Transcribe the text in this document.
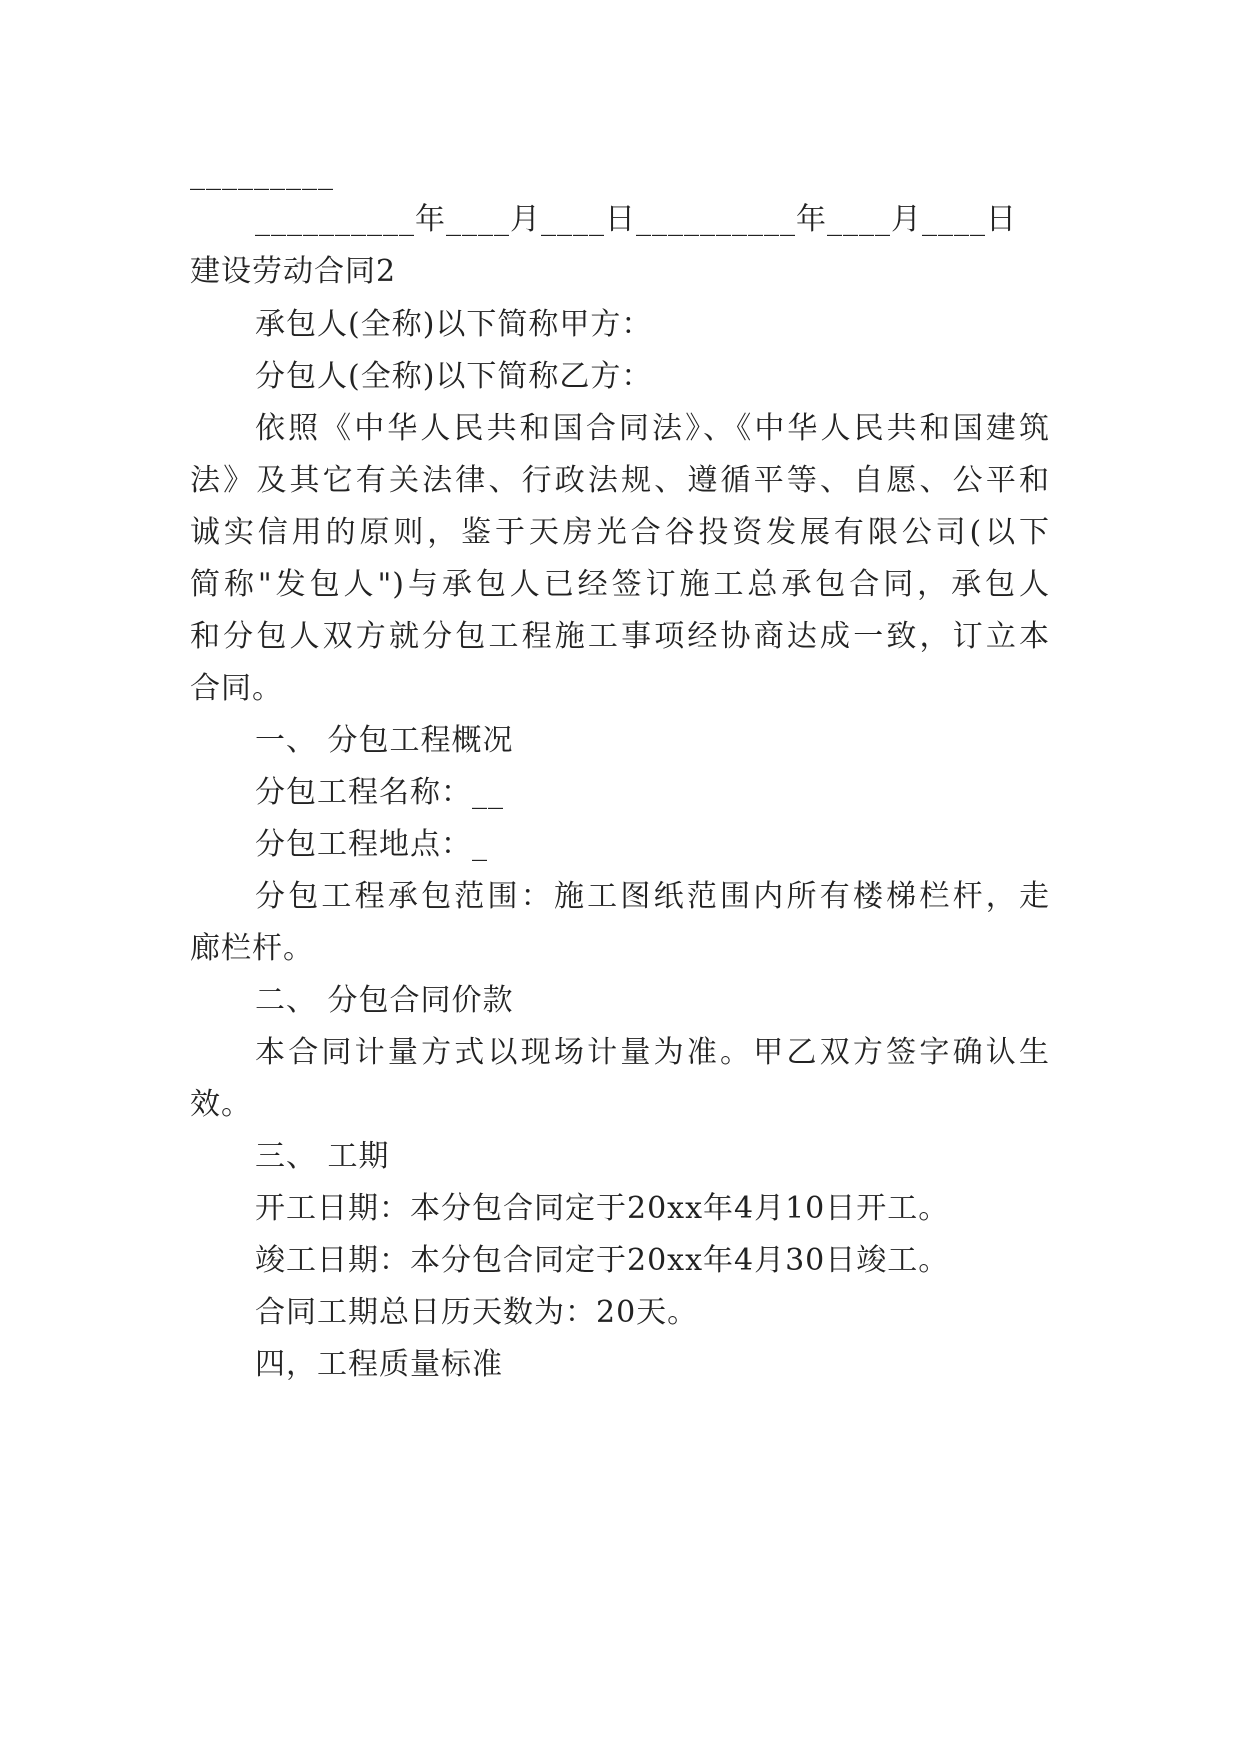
_________
__________年____月____日__________年____月____日
建设劳动合同2
承包人(全称)以下简称甲方：
分包人(全称)以下简称乙方：
依照《中华人民共和国合同法》、《中华人民共和国建筑
法》及其它有关法律、行政法规、遵循平等、自愿、公平和
诚实信用的原则，鉴于天房光合谷投资发展有限公司(以下
简称"发包人")与承包人已经签订施工总承包合同，承包人
和分包人双方就分包工程施工事项经协商达成一致，订立本
合同。
一、 分包工程概况
分包工程名称：__
分包工程地点：_
分包工程承包范围：施工图纸范围内所有楼梯栏杆，走
廊栏杆。
二、 分包合同价款
本合同计量方式以现场计量为准。甲乙双方签字确认生
效。
三、 工期
开工日期：本分包合同定于20xx年4月10日开工。
竣工日期：本分包合同定于20xx年4月30日竣工。
合同工期总日历天数为：20天。
四，工程质量标准
